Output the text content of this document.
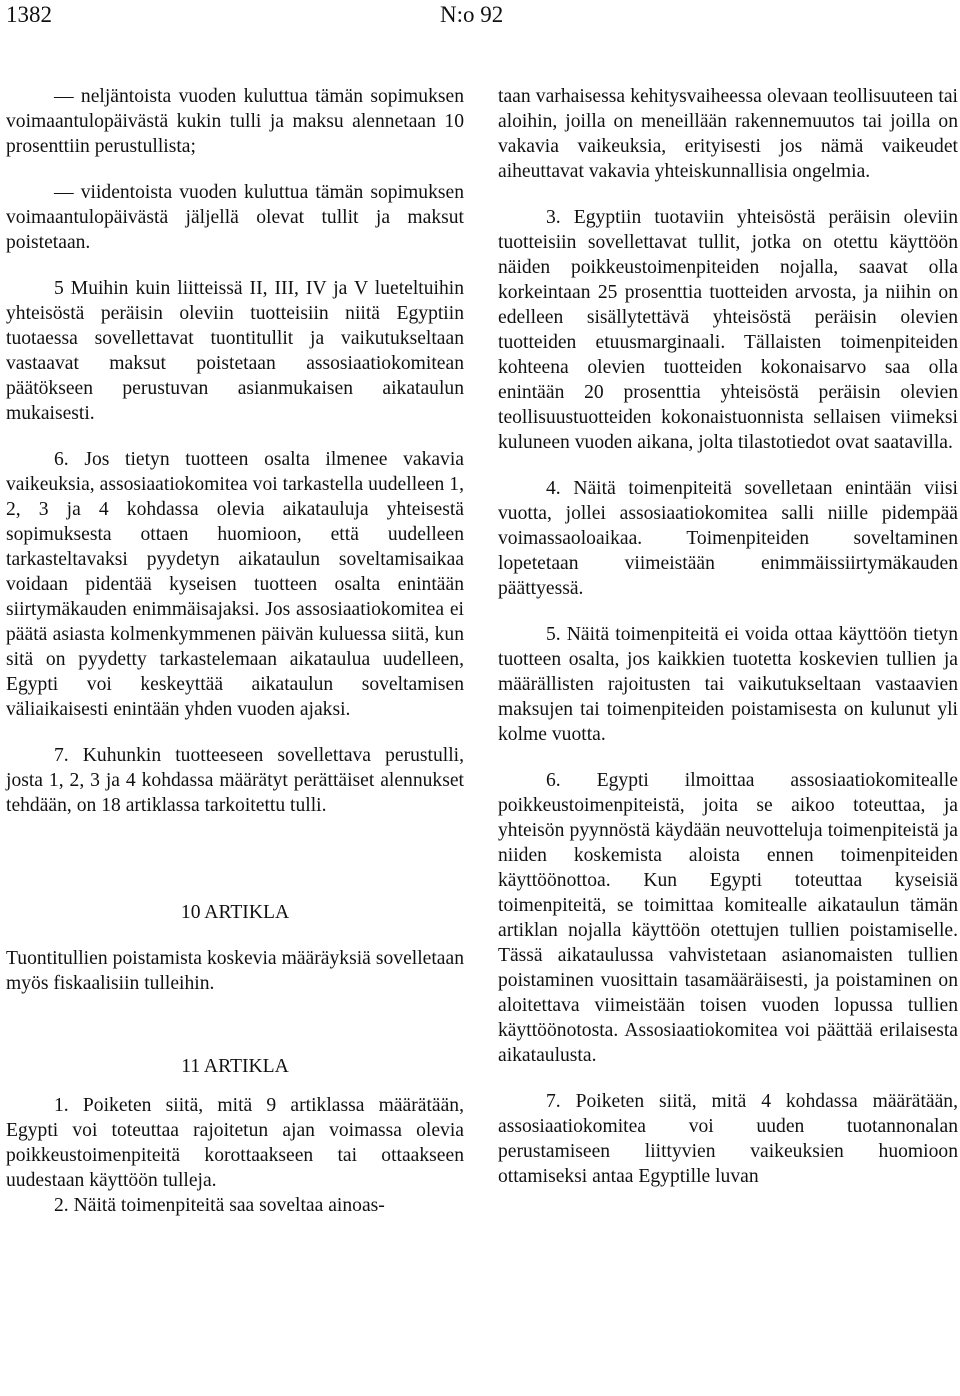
1382	N:o 92

— neljäntoista vuoden kuluttua tämän sopimuksen voimaantulopäivästä kukin tulli ja maksu alennetaan 10 prosenttiin perustullista;

— viidentoista vuoden kuluttua tämän sopimuksen voimaantulopäivästä jäljellä olevat tullit ja maksut poistetaan.

5 Muihin kuin liitteissä II, III, IV ja V lueteltuihin yhteisöstä peräisin oleviin tuotteisiin niitä Egyptiin tuotaessa sovellettavat tuontitullit ja vaikutukseltaan vastaavat maksut poistetaan assosiaatiokomitean päätökseen perustuvan asianmukaisen aikataulun mukaisesti.

6. Jos tietyn tuotteen osalta ilmenee vakavia vaikeuksia, assosiaatiokomitea voi tarkastella uudelleen 1, 2, 3 ja 4 kohdassa olevia aikatauluja yhteisestä sopimuksesta ottaen huomioon, että uudelleen tarkasteltavaksi pyydetyn aikataulun soveltamisaikaa voidaan pidentää kyseisen tuotteen osalta enintään siirtymäkauden enimmäisajaksi. Jos assosiaatiokomitea ei päätä asiasta kolmenkymmenen päivän kuluessa siitä, kun sitä on pyydetty tarkastelemaan aikataulua uudelleen, Egypti voi keskeyttää aikataulun soveltamisen väliaikaisesti enintään yhden vuoden ajaksi.

7. Kuhunkin tuotteeseen sovellettava perustulli, josta 1, 2, 3 ja 4 kohdassa määrätyt perättäiset alennukset tehdään, on 18 artiklassa tarkoitettu tulli.

10 ARTIKLA

Tuontitullien poistamista koskevia määräyksiä sovelletaan myös fiskaalisiin tulleihin.

11 ARTIKLA

1. Poiketen siitä, mitä 9 artiklassa määrätään, Egypti voi toteuttaa rajoitetun ajan voimassa olevia poikkeustoimenpiteitä korottaakseen tai ottaakseen uudestaan käyttöön tulleja.

2. Näitä toimenpiteitä saa soveltaa ainoas-

taan varhaisessa kehitysvaiheessa olevaan teollisuuteen tai aloihin, joilla on meneillään rakennemuutos tai joilla on vakavia vaikeuksia, erityisesti jos nämä vaikeudet aiheuttavat vakavia yhteiskunnallisia ongelmia.

3. Egyptiin tuotaviin yhteisöstä peräisin oleviin tuotteisiin sovellettavat tullit, jotka on otettu käyttöön näiden poikkeustoimenpiteiden nojalla, saavat olla korkeintaan 25 prosenttia tuotteiden arvosta, ja niihin on edelleen sisällytettävä yhteisöstä peräisin olevien tuotteiden etuusmarginaali. Tällaisten toimenpiteiden kohteena olevien tuotteiden kokonaisarvo saa olla enintään 20 prosenttia yhteisöstä peräisin olevien teollisuustuotteiden kokonaistuonnista sellaisen viimeksi kuluneen vuoden aikana, jolta tilastotiedot ovat saatavilla.

4. Näitä toimenpiteitä sovelletaan enintään viisi vuotta, jollei assosiaatiokomitea salli niille pidempää voimassaoloaikaa. Toimenpiteiden soveltaminen lopetetaan viimeistään enimmäissiirtymäkauden päättyessä.

5. Näitä toimenpiteitä ei voida ottaa käyttöön tietyn tuotteen osalta, jos kaikkien tuotetta koskevien tullien ja määrällisten rajoitusten tai vaikutukseltaan vastaavien maksujen tai toimenpiteiden poistamisesta on kulunut yli kolme vuotta.

6. Egypti ilmoittaa assosiaatiokomitealle poikkeustoimenpiteistä, joita se aikoo toteuttaa, ja yhteisön pyynnöstä käydään neuvotteluja toimenpiteistä ja niiden koskemista aloista ennen toimenpiteiden käyttöönottoa. Kun Egypti toteuttaa kyseisiä toimenpiteitä, se toimittaa komitealle aikataulun tämän artiklan nojalla käyttöön otettujen tullien poistamiselle. Tässä aikataulussa vahvistetaan asianomaisten tullien poistaminen vuosittain tasamääräisesti, ja poistaminen on aloitettava viimeistään toisen vuoden lopussa tullien käyttöönotosta. Assosiaatiokomitea voi päättää erilaisesta aikataulusta.

7. Poiketen siitä, mitä 4 kohdassa määrätään, assosiaatiokomitea voi uuden tuotannonalan perustamiseen liittyvien vaikeuksien huomioon ottamiseksi antaa Egyptille luvan
